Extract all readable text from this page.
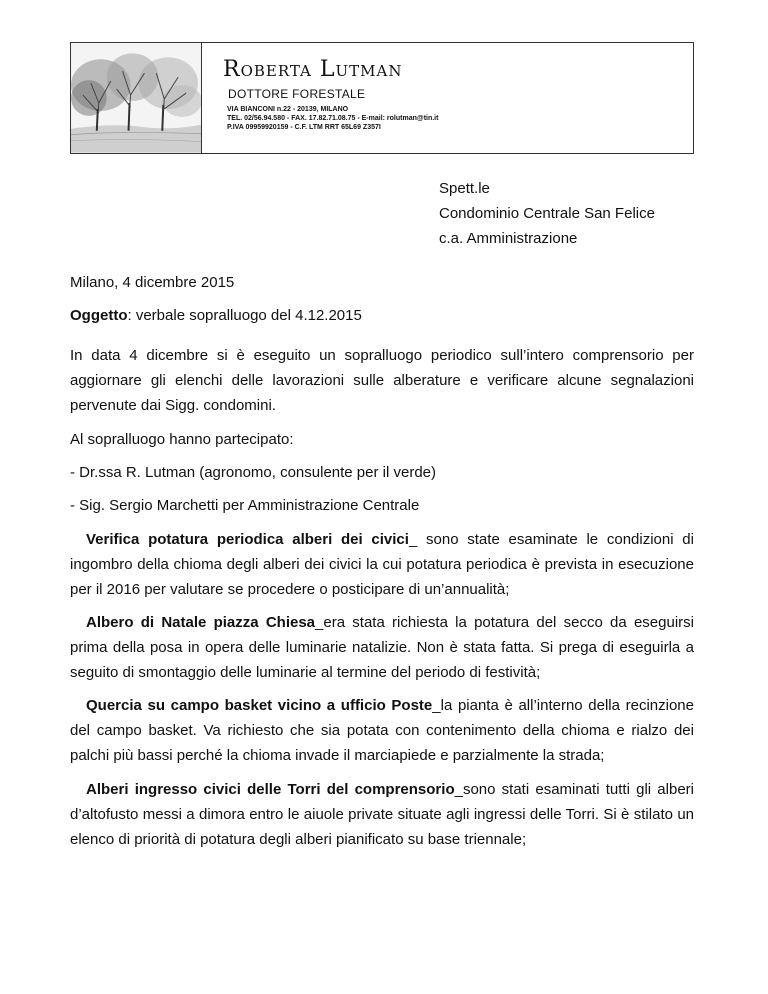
Roberta Lutman
DOTTORE FORESTALE
VIA BIANCONI n.22 - 20139, MILANO
TEL. 02/56.94.580 - FAX. 17.82.71.08.75 - E-mail: rolutman@tin.it
P.IVA 09959920159 - C.F. LTM RRT 65L69 Z357I
Spett.le
Condominio Centrale San Felice
c.a. Amministrazione
Milano, 4 dicembre 2015
Oggetto: verbale sopralluogo del 4.12.2015
In data 4 dicembre si è eseguito un sopralluogo periodico sull’intero comprensorio per aggiornare gli elenchi delle lavorazioni sulle alberature e verificare alcune segnalazioni pervenute dai Sigg. condomini.
Al sopralluogo hanno partecipato:
- Dr.ssa R. Lutman (agronomo, consulente per il verde)
- Sig. Sergio Marchetti per Amministrazione Centrale
Verifica potatura periodica alberi dei civici_ sono state esaminate le condizioni di ingombro della chioma degli alberi dei civici la cui potatura periodica è prevista in esecuzione per il 2016 per valutare se procedere o posticipare di un’annualità;
Albero di Natale piazza Chiesa_era stata richiesta la potatura del secco da eseguirsi prima della posa in opera delle luminarie natalizie. Non è stata fatta. Si prega di eseguirla a seguito di smontaggio delle luminarie al termine del periodo di festività;
Quercia su campo basket vicino a ufficio Poste_la pianta è all’interno della recinzione del campo basket. Va richiesto che sia potata con contenimento della chioma e rialzo dei palchi più bassi perché la chioma invade il marciapiede e parzialmente la strada;
Alberi ingresso civici delle Torri del comprensorio_sono stati esaminati tutti gli alberi d’altofusto messi a dimora entro le aiuole private situate agli ingressi delle Torri. Si è stilato un elenco di priorità di potatura degli alberi pianificato su base triennale;
